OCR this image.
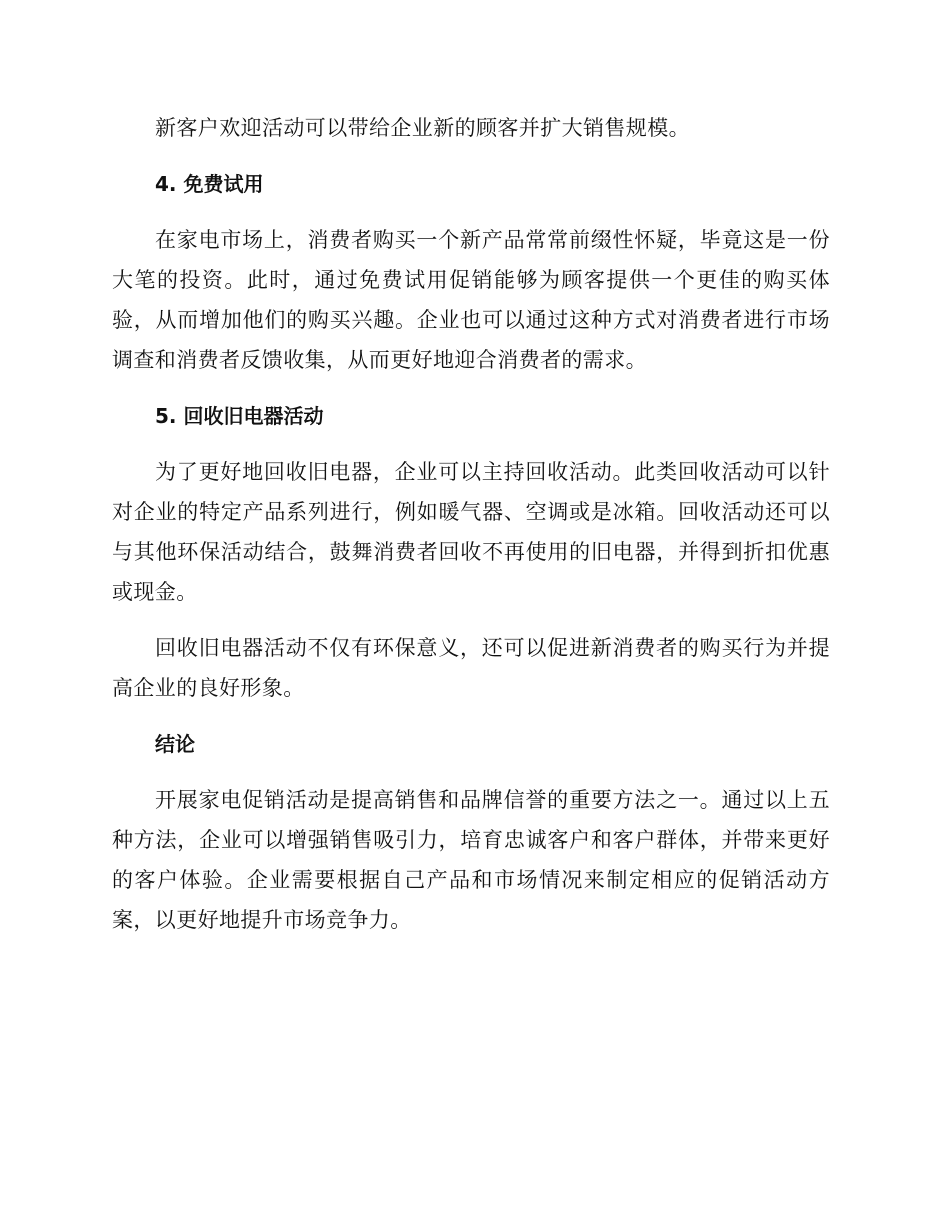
新客户欢迎活动可以带给企业新的顾客并扩大销售规模。

4. 免费试用

在家电市场上，消费者购买一个新产品常常前缀性怀疑，毕竟这是一份大笔的投资。此时，通过免费试用促销能够为顾客提供一个更佳的购买体验，从而增加他们的购买兴趣。企业也可以通过这种方式对消费者进行市场调查和消费者反馈收集，从而更好地迎合消费者的需求。

5. 回收旧电器活动

为了更好地回收旧电器，企业可以主持回收活动。此类回收活动可以针对企业的特定产品系列进行，例如暖气器、空调或是冰箱。回收活动还可以与其他环保活动结合，鼓舞消费者回收不再使用的旧电器，并得到折扣优惠或现金。

回收旧电器活动不仅有环保意义，还可以促进新消费者的购买行为并提高企业的良好形象。

结论

开展家电促销活动是提高销售和品牌信誉的重要方法之一。通过以上五种方法，企业可以增强销售吸引力，培育忠诚客户和客户群体，并带来更好的客户体验。企业需要根据自己产品和市场情况来制定相应的促销活动方案，以更好地提升市场竞争力。
